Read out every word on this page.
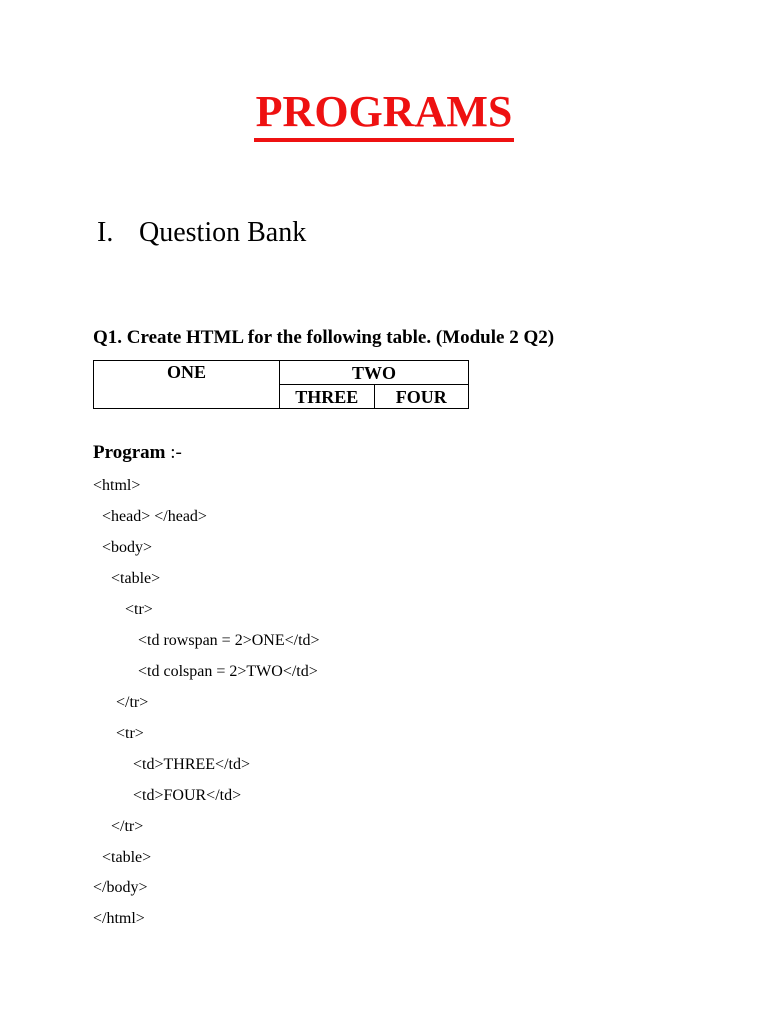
PROGRAMS
I. Question Bank
Q1. Create HTML for the following table. (Module 2 Q2)
ONE	TWO	
	THREE	FOUR
Program :-
<html>
<head> </head>
<body>
<table>
<tr>
<td rowspan = 2>ONE</td>
<td colspan = 2>TWO</td>
</tr>
<tr>
<td>THREE</td>
<td>FOUR</td>
</tr>
<table>
</body>
</html>
